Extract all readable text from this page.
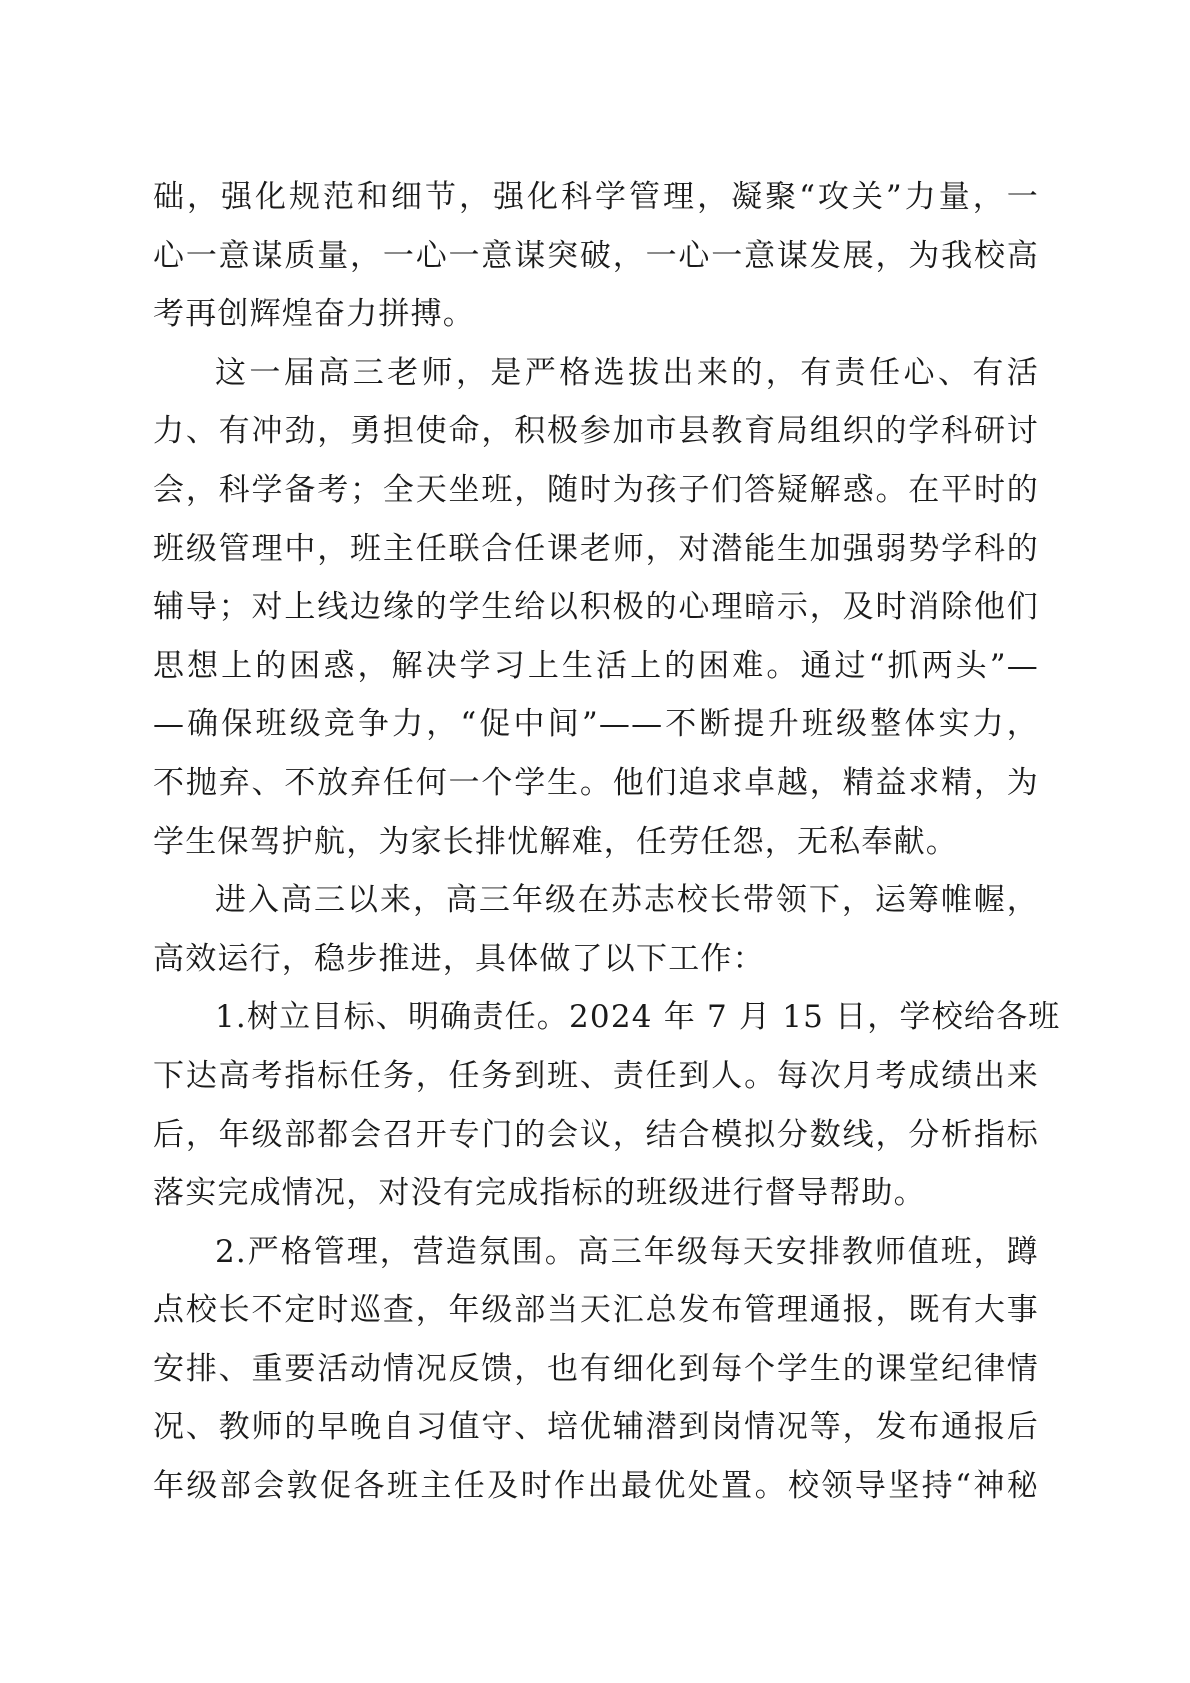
础，强化规范和细节，强化科学管理，凝聚“攻关”力量，一
心一意谋质量，一心一意谋突破，一心一意谋发展，为我校高
考再创辉煌奋力拼搏。
这一届高三老师，是严格选拔出来的，有责任心、有活
力、有冲劲，勇担使命，积极参加市县教育局组织的学科研讨
会，科学备考；全天坐班，随时为孩子们答疑解惑。在平时的
班级管理中，班主任联合任课老师，对潜能生加强弱势学科的
辅导；对上线边缘的学生给以积极的心理暗示，及时消除他们
思想上的困惑，解决学习上生活上的困难。通过“抓两头”—
—确保班级竞争力，“促中间”——不断提升班级整体实力，
不抛弃、不放弃任何一个学生。他们追求卓越，精益求精，为
学生保驾护航，为家长排忧解难，任劳任怨，无私奉献。
进入高三以来，高三年级在苏志校长带领下，运筹帷幄，
高效运行，稳步推进，具体做了以下工作：
1.树立目标、明确责任。2024 年 7 月 15 日，学校给各班
下达高考指标任务，任务到班、责任到人。每次月考成绩出来
后，年级部都会召开专门的会议，结合模拟分数线，分析指标
落实完成情况，对没有完成指标的班级进行督导帮助。
2.严格管理，营造氛围。高三年级每天安排教师值班，蹲
点校长不定时巡查，年级部当天汇总发布管理通报，既有大事
安排、重要活动情况反馈，也有细化到每个学生的课堂纪律情
况、教师的早晚自习值守、培优辅潜到岗情况等，发布通报后
年级部会敦促各班主任及时作出最优处置。校领导坚持“神秘
